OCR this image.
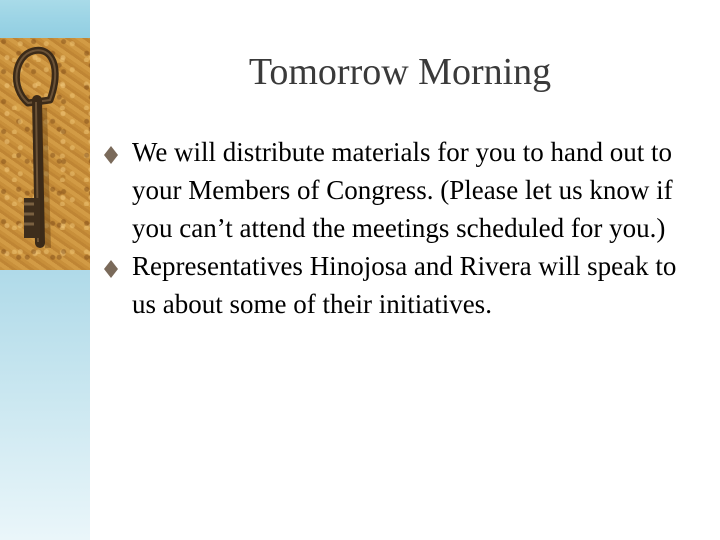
Tomorrow Morning
We will distribute materials for you to hand out to your Members of Congress. (Please let us know if you can’t attend the meetings scheduled for you.)
Representatives Hinojosa and Rivera will speak to us about some of their initiatives.
